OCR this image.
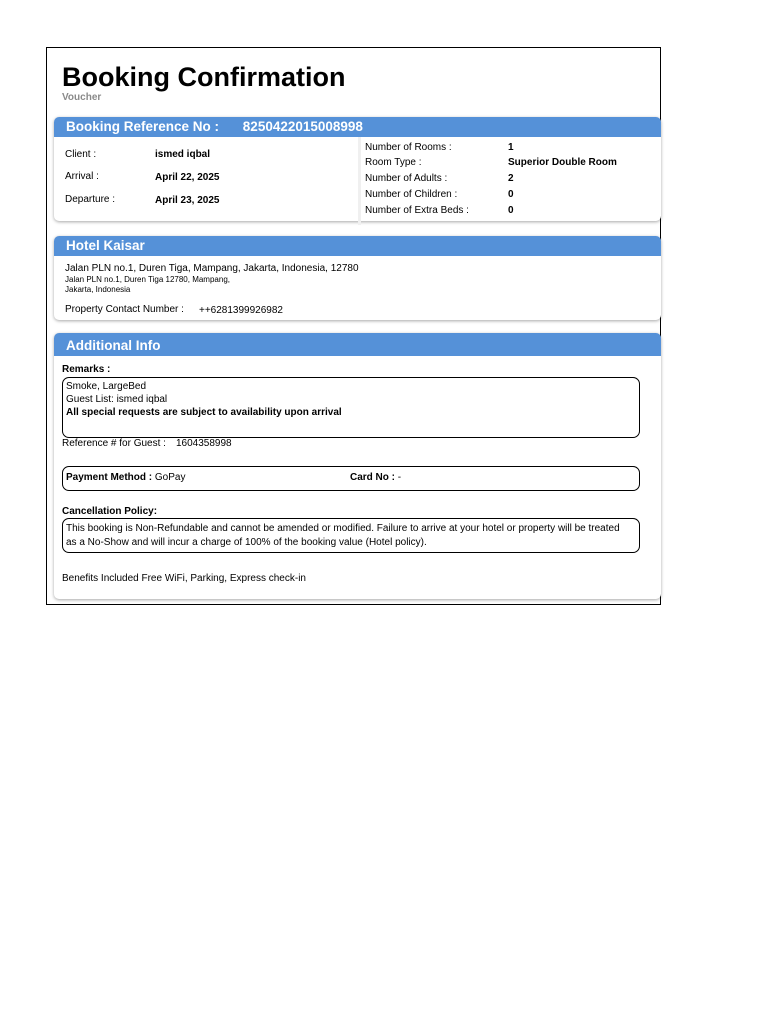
Booking Confirmation
Voucher
Booking Reference No : 8250422015008998
Client :	ismed iqbal
Arrival :	April 22, 2025
Departure :	April 23, 2025
Number of Rooms :	1
Room Type :	Superior Double Room
Number of Adults :	2
Number of Children :	0
Number of Extra Beds :	0
Hotel Kaisar
Jalan PLN no.1, Duren Tiga, Mampang, Jakarta, Indonesia, 12780
Jalan PLN no.1, Duren Tiga 12780, Mampang,
Jakarta, Indonesia
Property Contact Number : ++6281399926982
Additional Info
Remarks :
Smoke, LargeBed
Guest List: ismed iqbal
All special requests are subject to availability upon arrival
Reference # for Guest : 1604358998
Payment Method : GoPay	Card No : -
Cancellation Policy:
This booking is Non-Refundable and cannot be amended or modified. Failure to arrive at your hotel or property will be treated
as a No-Show and will incur a charge of 100% of the booking value (Hotel policy).
Benefits Included Free WiFi, Parking, Express check-in
